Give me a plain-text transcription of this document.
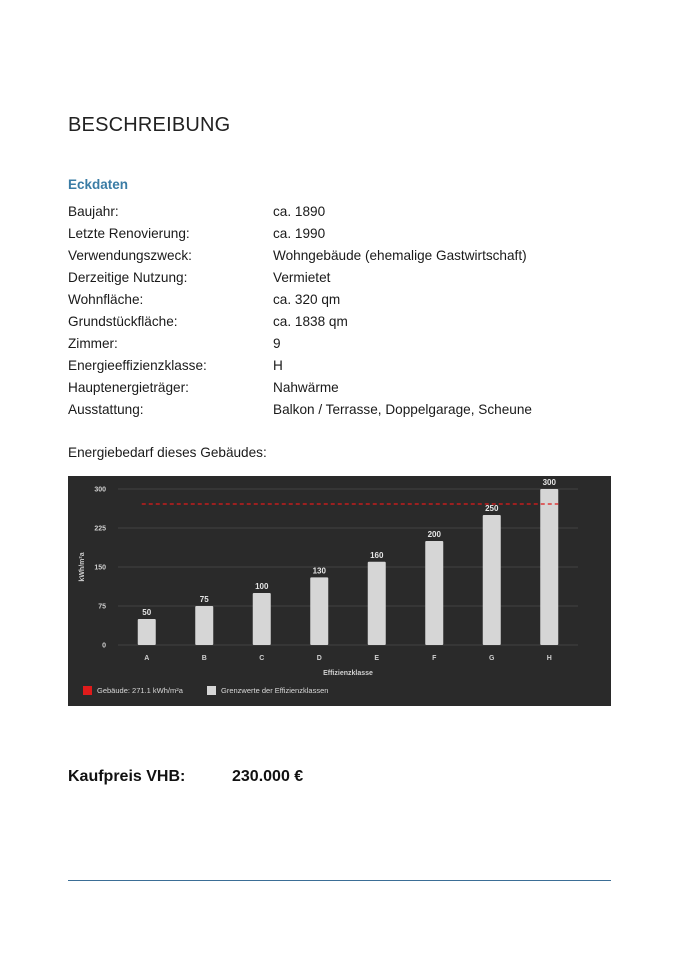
BESCHREIBUNG
Eckdaten
Baujahr:	ca. 1890
Letzte Renovierung:	ca. 1990
Verwendungszweck:	Wohngebäude (ehemalige Gastwirtschaft)
Derzeitige Nutzung:	Vermietet
Wohnfläche:	ca. 320 qm
Grundstückfläche:	ca. 1838 qm
Zimmer:	9
Energieeffizienzklasse:	H
Hauptenergieträger:	Nahwärme
Ausstattung:	Balkon / Terrasse, Doppelgarage, Scheune
Energiebedarf dieses Gebäudes:
0
75
150
225
300
kWh/m²a
50
A
75
B
100
C
130
D
160
E
200
F
250
G
300
H
Effizienzklasse
Gebäude: 271.1 kWh/m²a	Grenzwerte der Effizienzklassen
Kaufpreis VHB:	230.000 €
